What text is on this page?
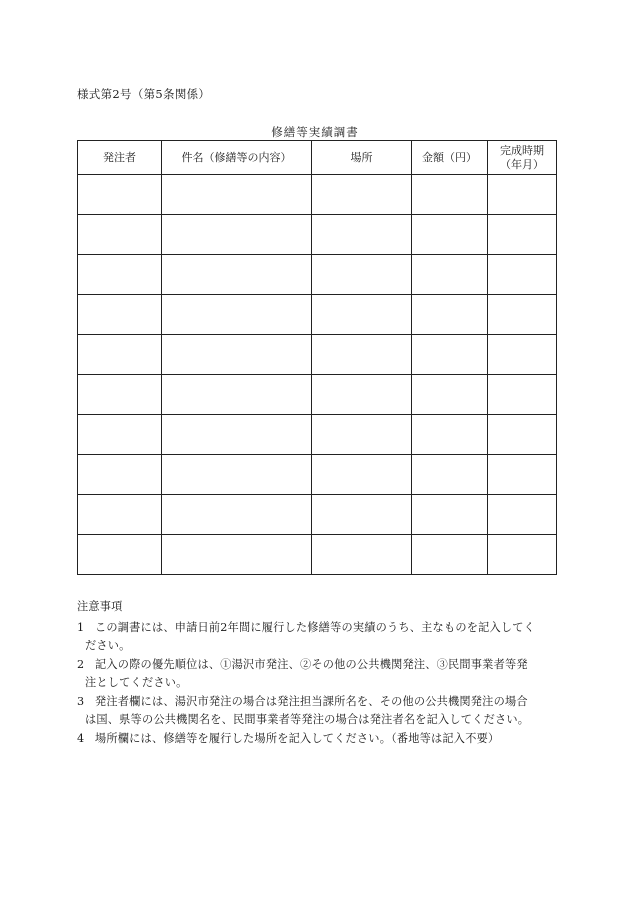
様式第2号（第5条関係）
修繕等実績調書
発注者	件名（修繕等の内容）	場所	金額（円）	完成時期
（年月）

注意事項
1 この調書には、申請日前2年間に履行した修繕等の実績のうち、主なものを記入してく
ださい。
2 記入の際の優先順位は、①湯沢市発注、②その他の公共機関発注、③民間事業者等発
注としてください。
3 発注者欄には、湯沢市発注の場合は発注担当課所名を、その他の公共機関発注の場合
は国、県等の公共機関名を、民間事業者等発注の場合は発注者名を記入してください。
4 場所欄には、修繕等を履行した場所を記入してください。（番地等は記入不要）
